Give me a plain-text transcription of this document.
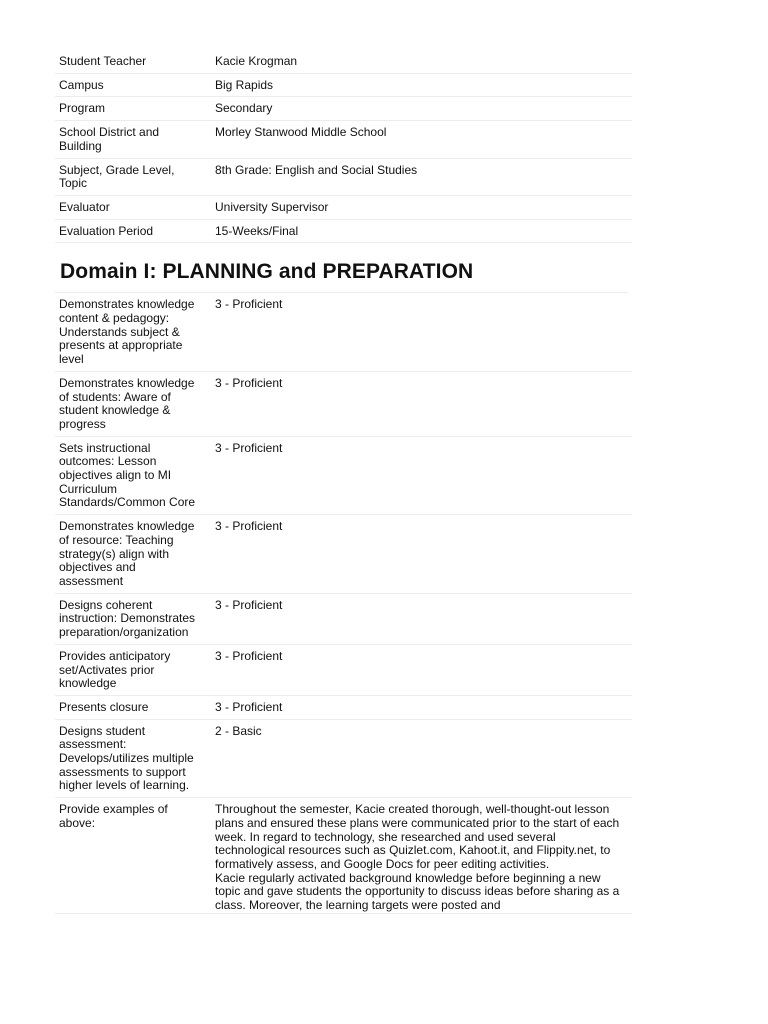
Student Teacher	Kacie Krogman
Campus	Big Rapids
Program	Secondary
School District and Building	Morley Stanwood Middle School
Subject, Grade Level, Topic	8th Grade: English and Social Studies
Evaluator	University Supervisor
Evaluation Period	15-Weeks/Final
Domain I: PLANNING and PREPARATION
Demonstrates knowledge content & pedagogy: Understands subject & presents at appropriate level	3 - Proficient
Demonstrates knowledge of students: Aware of student knowledge & progress	3 - Proficient
Sets instructional outcomes: Lesson objectives align to MI Curriculum Standards/Common Core	3 - Proficient
Demonstrates knowledge of resource: Teaching strategy(s) align with objectives and assessment	3 - Proficient
Designs coherent instruction: Demonstrates preparation/organization	3 - Proficient
Provides anticipatory set/Activates prior knowledge	3 - Proficient
Presents closure	3 - Proficient
Designs student assessment: Develops/utilizes multiple assessments to support higher levels of learning.	2 - Basic
Provide examples of above:	Throughout the semester, Kacie created thorough, well-thought-out lesson plans and ensured these plans were communicated prior to the start of each week. In regard to technology, she researched and used several technological resources such as Quizlet.com, Kahoot.it, and Flippity.net, to formatively assess, and Google Docs for peer editing activities.

Kacie regularly activated background knowledge before beginning a new topic and gave students the opportunity to discuss ideas before sharing as a class. Moreover, the learning targets were posted and
